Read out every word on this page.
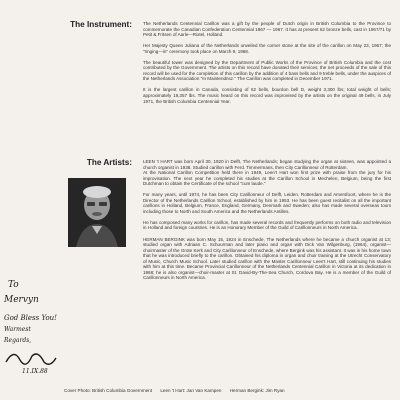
The Instrument: The Netherlands Centennial Carillon was a gift by the people of Dutch origin in British Columbia to the Province to commemorate the Canadian Confederation Centennial 1867 — 1967. It has at present 62 bronze bells, cast in 1967/71 by Petit & Fritsen of Aarle—Rixtel, Holland.

Her Majesty Queen Juliana of the Netherlands unveiled the corner stone at the site of the carillon on May 23, 1967; the "ringing—in" ceremony took place on March 9, 1968.

The beautiful tower was designed by the Department of Public Works of the Province of British Columbia and the cost contributed by the Government. The artists on this record have donated their services; the net proceeds of the sale of this record will be used for the completion of this carillon by the addition of 4 bass bells and 9 treble bells, under the auspices of the Netherlands Association "In Maintendnsz." The Carillon was completed in December 1971.

It is the largest carillon in Canada, consisting of 62 bells, bourdon bell D, weight 3,300 lbs; total weight of bells; approximately 19,357 lbs. The music heard on this record was improvised by the artists on the original 49 bells, in July 1971, the British Columbia Centennial Year.

The Artists: LEEN 't HART was born April 30, 1920 in Delft, The Netherlands; began studying the organ at sixteen, was appointed a church organist in 1938. Studied carillon with Ferd. Timmermans, then City Carillonneur of Rotterdam.

At the National Carillon Competition held there in 1949, Leen't Hart won first prize with praise from the jury for his improvisation. The next year he completed his studies at the Carillon School in Mechelen, Belgium, being the first Dutchman to obtain the Certificate of the school "cum laude."

For many years, until 1974, he has been City Carillonneur of Delft, Leiden, Rotterdam and Amersfoort, where he is the Director of the Netherlands Carillon School, established by him in 1953. He has been guest recitalist on all the important carillons in Holland, Belgium, France, England, Germany, Denmark and Sweden; also has made several overseas tours including those to North and South America and the Netherlands Antilles.

He has composed many works for carillon, has made several records and frequently performs on both radio and television in Holland and foreign countries. He is an Honorary Member of the Guild of Carillonneurs in North America.

HERMAN BERGINK was born May 15, 1924 in Enschede, The Netherlands where he became a church organist at 13; studied organ with Adriaan C. Schuurman and later piano and organ with Dick Van Wilgenburg, (1964), organist—choirmaster of the Grote Kerk and City Carillonneur of Enschede, where Bergink was his assistant. It was in his home town that he was introduced briefly to the carillon. Obtained his diploma in organ and choir training at the Utrecht Conservatory of Music, Church Music School. Later studied carillon with the Master Carillonneur Leen't Hart, still continuing his studies with him at this time. Became Provincial Carillonneur of the Netherlands Centennial Carillon in Victoria at its dedication in 1968; he is also organist—choir-master at St. David-By-The-Sea Church, Cordova Bay. He is a member of the Guild of Carillonneurs in North America.

To
Mervyn
God Bless You!
Warmest
Regards,
11.IX.88
Cover Photo: British Columbia Government Leen 't Hart: Jan Van Kampen Herman Bergink: Jim Ryan
